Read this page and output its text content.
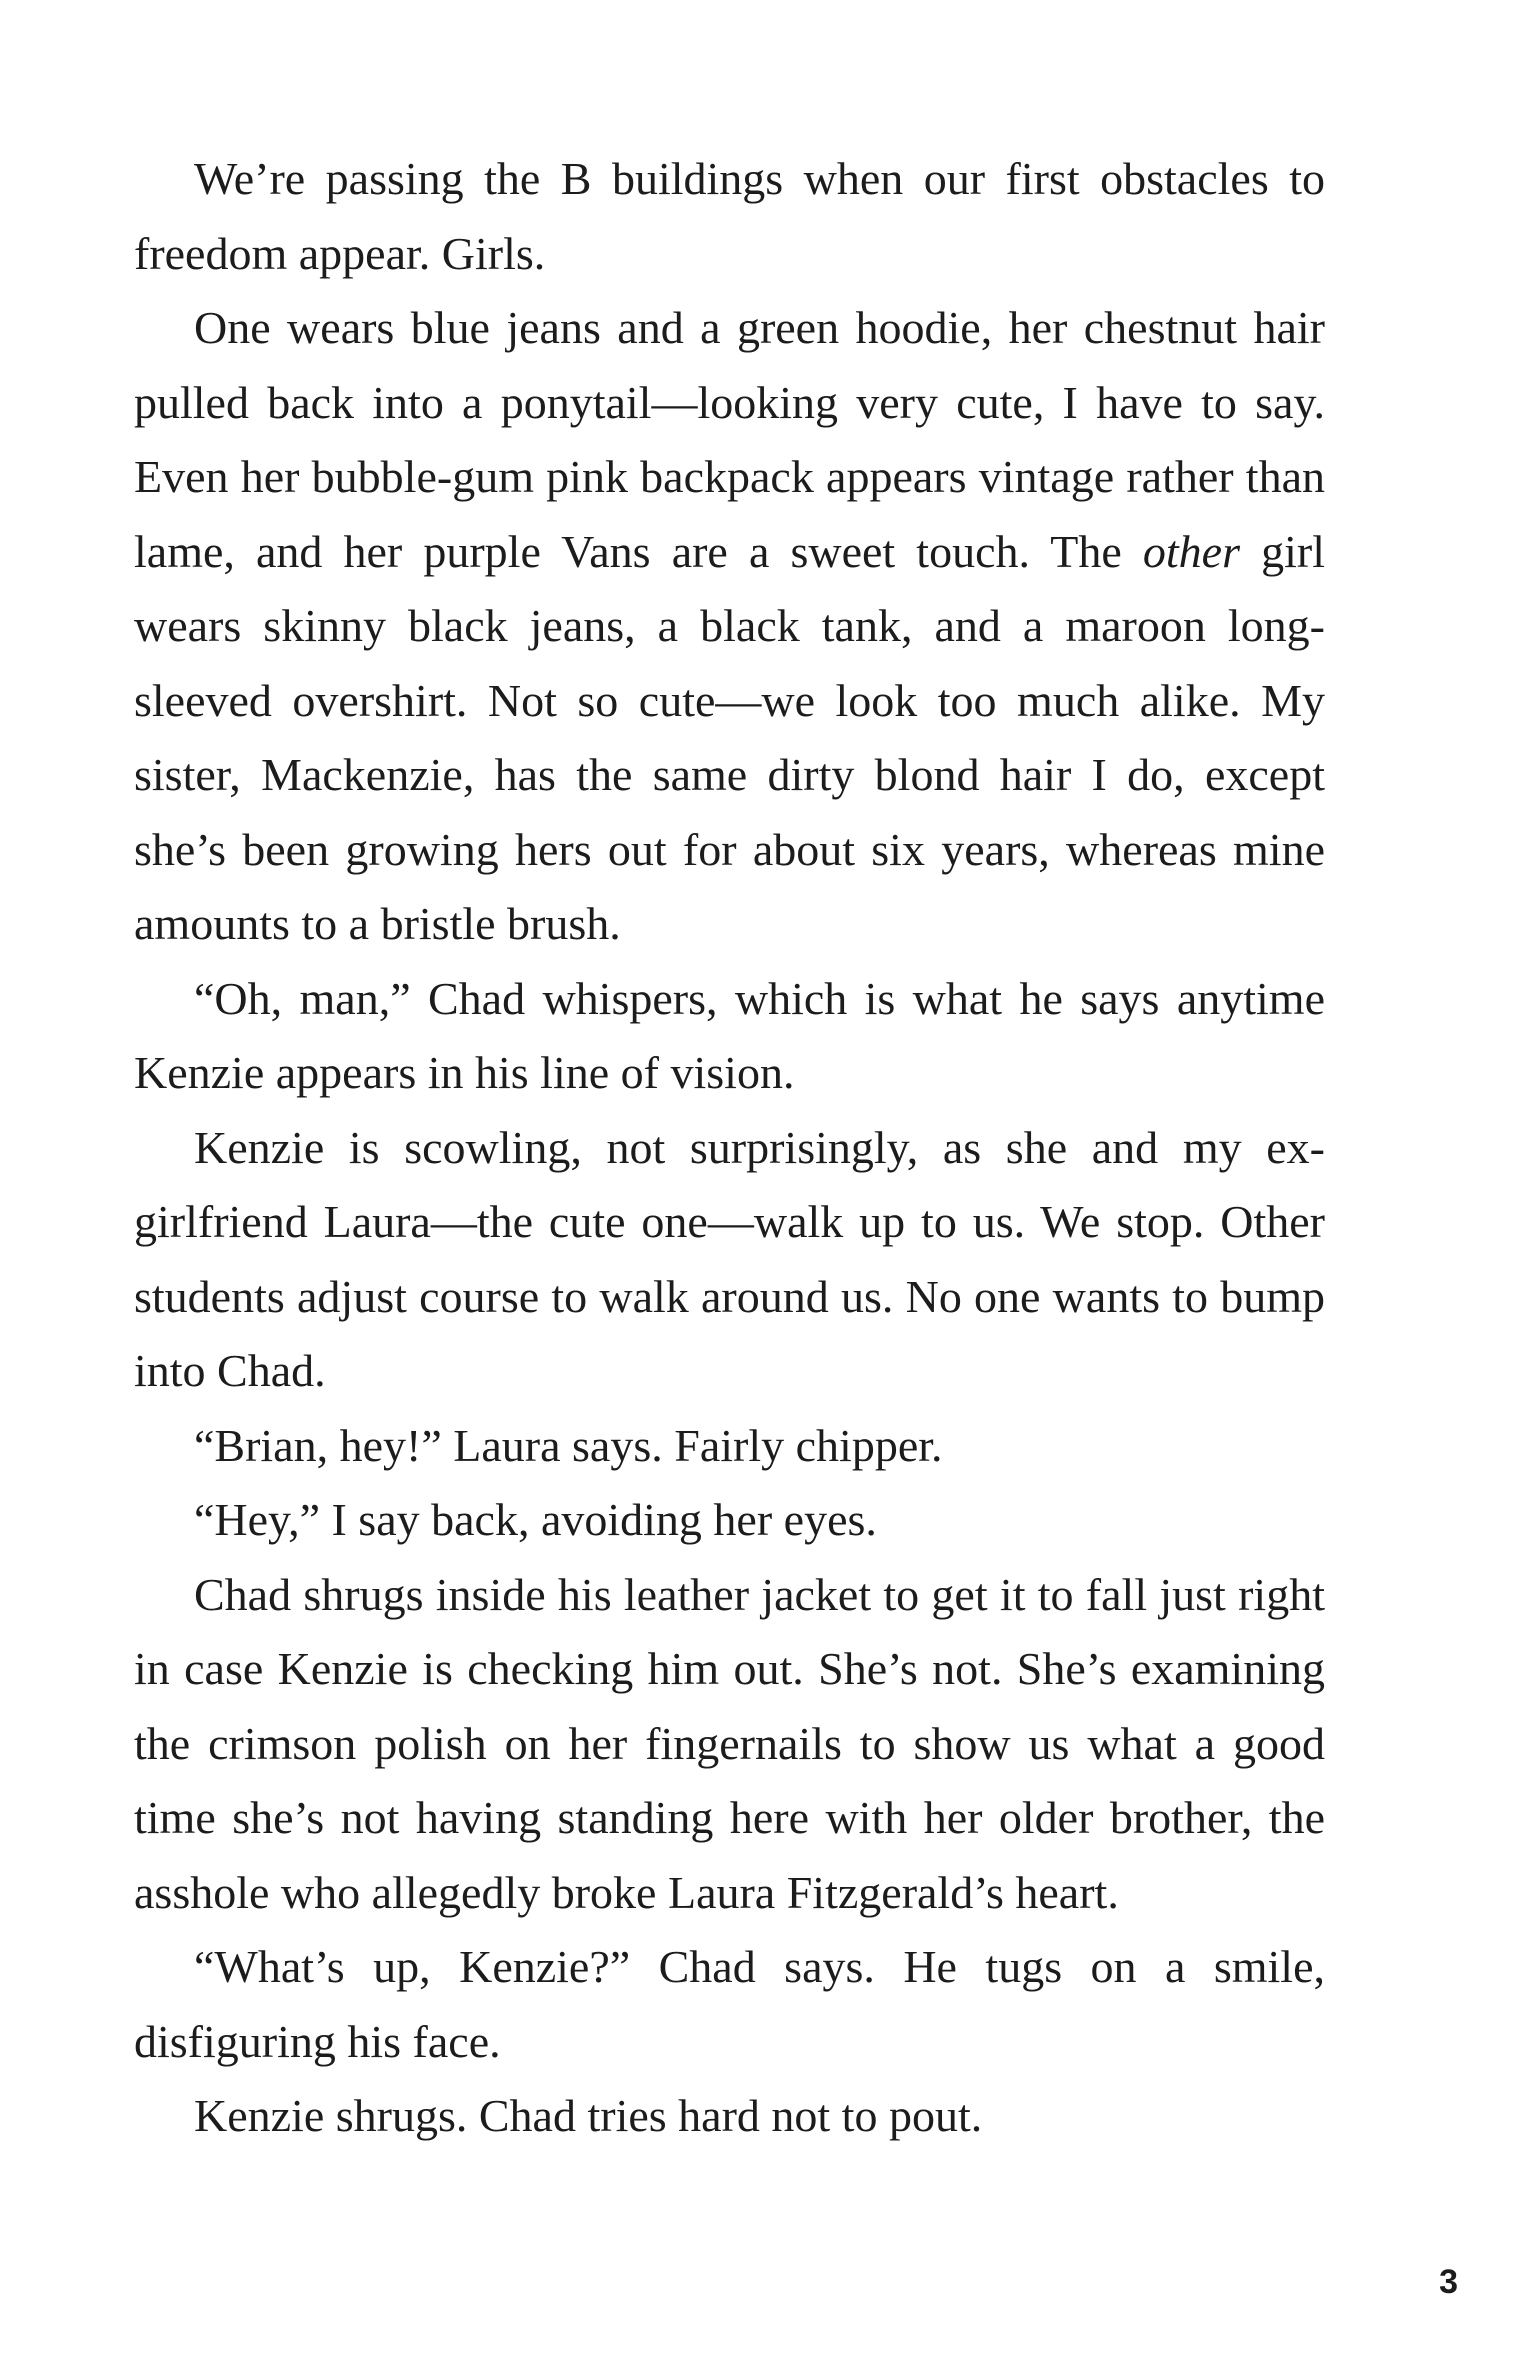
We’re passing the B buildings when our first obstacles to freedom appear. Girls.

One wears blue jeans and a green hoodie, her chestnut hair pulled back into a ponytail—looking very cute, I have to say. Even her bubble-gum pink backpack appears vintage rather than lame, and her purple Vans are a sweet touch. The other girl wears skinny black jeans, a black tank, and a maroon long-sleeved overshirt. Not so cute—we look too much alike. My sister, Mackenzie, has the same dirty blond hair I do, except she’s been growing hers out for about six years, whereas mine amounts to a bristle brush.

“Oh, man,” Chad whispers, which is what he says anytime Kenzie appears in his line of vision.

Kenzie is scowling, not surprisingly, as she and my ex-girlfriend Laura—the cute one—walk up to us. We stop. Other students adjust course to walk around us. No one wants to bump into Chad.

“Brian, hey!” Laura says. Fairly chipper.

“Hey,” I say back, avoiding her eyes.

Chad shrugs inside his leather jacket to get it to fall just right in case Kenzie is checking him out. She’s not. She’s examining the crimson polish on her fingernails to show us what a good time she’s not having standing here with her older brother, the asshole who allegedly broke Laura Fitzgerald’s heart.

“What’s up, Kenzie?” Chad says. He tugs on a smile, disfiguring his face.

Kenzie shrugs. Chad tries hard not to pout.

3
